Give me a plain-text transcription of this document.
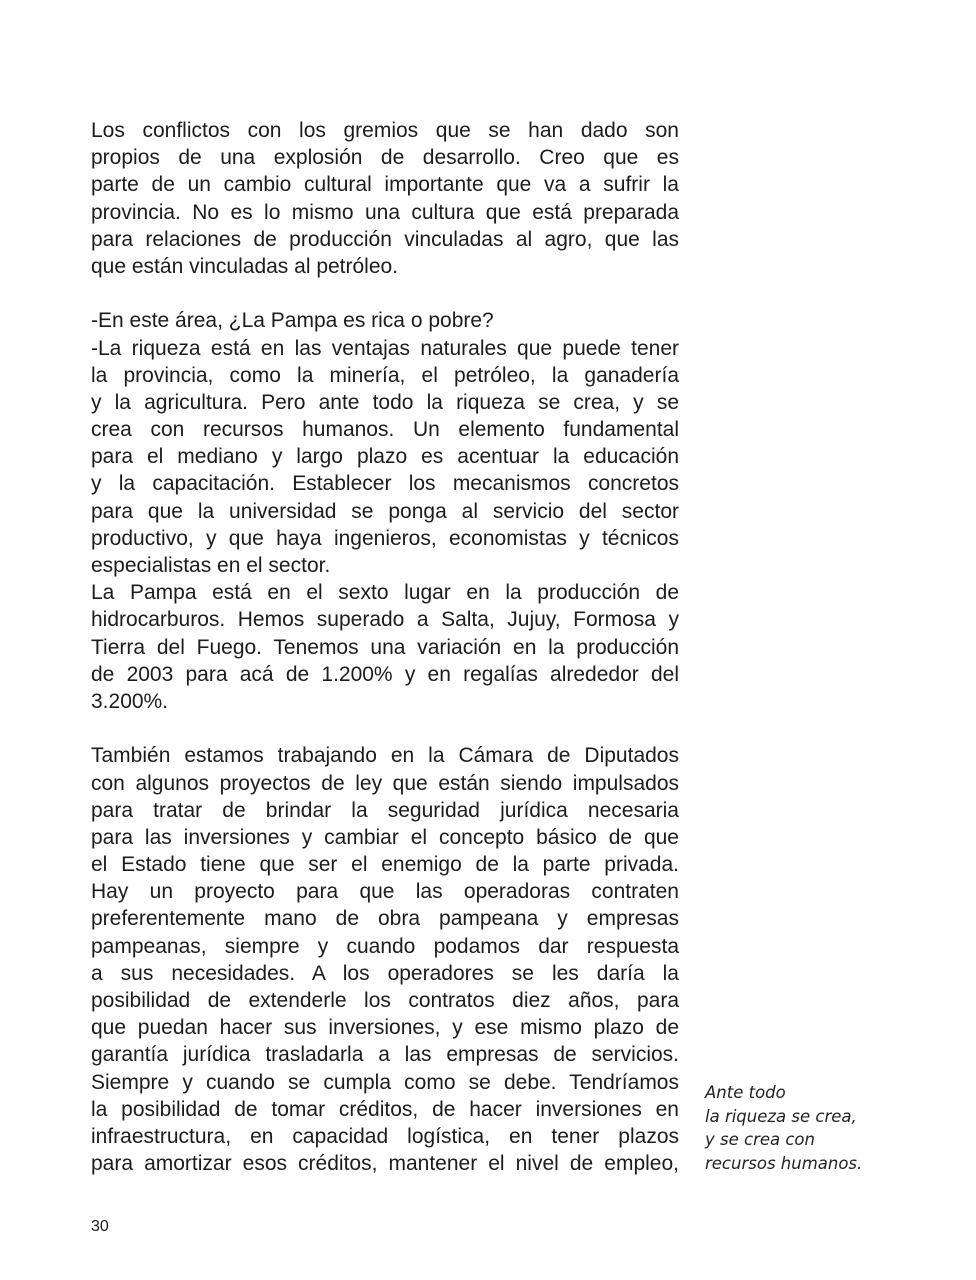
Los conflictos con los gremios que se han dado son
propios de una explosión de desarrollo. Creo que es
parte de un cambio cultural importante que va a sufrir la
provincia. No es lo mismo una cultura que está preparada
para relaciones de producción vinculadas al agro, que las
que están vinculadas al petróleo.
-En este área, ¿La Pampa es rica o pobre?
-La riqueza está en las ventajas naturales que puede tener
la provincia, como la minería, el petróleo, la ganadería
y la agricultura. Pero ante todo la riqueza se crea, y se
crea con recursos humanos. Un elemento fundamental
para el mediano y largo plazo es acentuar la educación
y la capacitación. Establecer los mecanismos concretos
para que la universidad se ponga al servicio del sector
productivo, y que haya ingenieros, economistas y técnicos
especialistas en el sector.
La Pampa está en el sexto lugar en la producción de
hidrocarburos. Hemos superado a Salta, Jujuy, Formosa y
Tierra del Fuego. Tenemos una variación en la producción
de 2003 para acá de 1.200% y en regalías alrededor del
3.200%.
También estamos trabajando en la Cámara de Diputados
con algunos proyectos de ley que están siendo impulsados
para tratar de brindar la seguridad jurídica necesaria
para las inversiones y cambiar el concepto básico de que
el Estado tiene que ser el enemigo de la parte privada.
Hay un proyecto para que las operadoras contraten
preferentemente mano de obra pampeana y empresas
pampeanas, siempre y cuando podamos dar respuesta
a sus necesidades. A los operadores se les daría la
posibilidad de extenderle los contratos diez años, para
que puedan hacer sus inversiones, y ese mismo plazo de
garantía jurídica trasladarla a las empresas de servicios.
Siempre y cuando se cumpla como se debe. Tendríamos
la posibilidad de tomar créditos, de hacer inversiones en
infraestructura, en capacidad logística, en tener plazos
para amortizar esos créditos, mantener el nivel de empleo,
Ante todo
la riqueza se crea,
y se crea con
recursos humanos.
30
